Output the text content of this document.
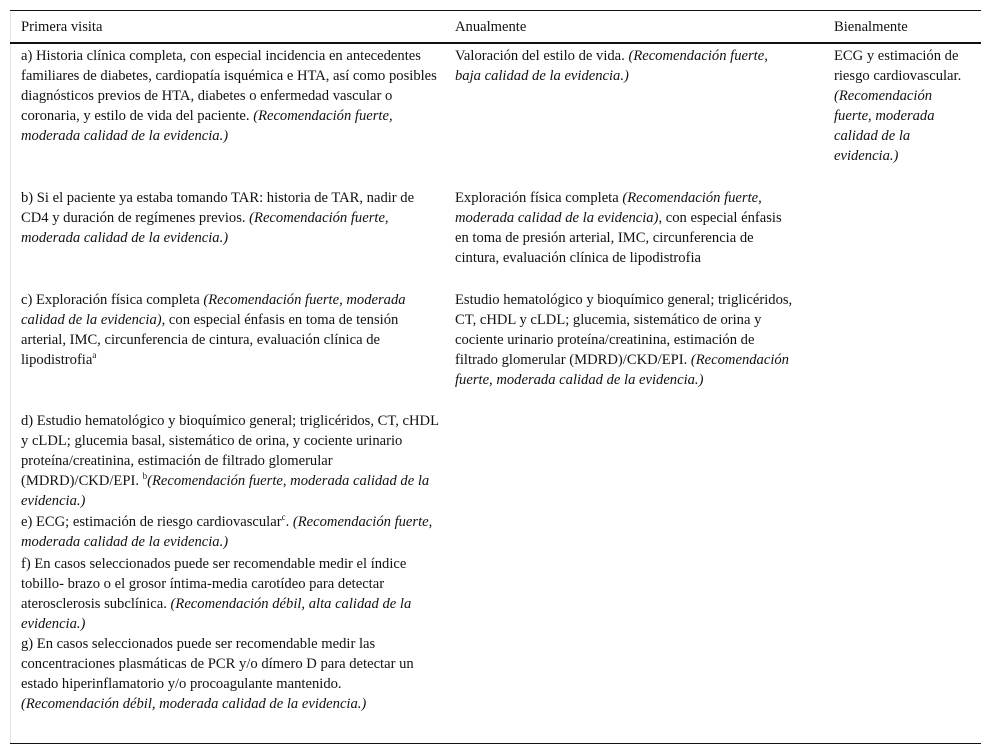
Primera visita	Anualmente	Bienalmente
a) Historia clínica completa, con especial incidencia en antecedentes familiares de diabetes, cardiopatía isquémica e HTA, así como posibles diagnósticos previos de HTA, diabetes o enfermedad vascular o coronaria, y estilo de vida del paciente. (Recomendación fuerte, moderada calidad de la evidencia.)
b) Si el paciente ya estaba tomando TAR: historia de TAR, nadir de CD4 y duración de regímenes previos. (Recomendación fuerte, moderada calidad de la evidencia.)
c) Exploración física completa (Recomendación fuerte, moderada calidad de la evidencia), con especial énfasis en toma de tensión arterial, IMC, circunferencia de cintura, evaluación clínica de lipodistrofia$^a$
d) Estudio hematológico y bioquímico general; triglicéridos, CT, cHDL y cLDL; glucemia basal, sistemático de orina, y cociente urinario proteína/creatinina, estimación de filtrado glomerular (MDRD)/CKD/EPI. $^b$(Recomendación fuerte, moderada calidad de la evidencia.)
e) ECG; estimación de riesgo cardiovascular$^c$. (Recomendación fuerte, moderada calidad de la evidencia.)
f) En casos seleccionados puede ser recomendable medir el índice tobillo- brazo o el grosor íntima-media carotídeo para detectar aterosclerosis subclínica. (Recomendación débil, alta calidad de la evidencia.)
g) En casos seleccionados puede ser recomendable medir las concentraciones plasmáticas de PCR y/o dímero D para detectar un estado hiperinflamatorio y/o procoagulante mantenido. (Recomendación débil, moderada calidad de la evidencia.)
Valoración del estilo de vida. (Recomendación fuerte, baja calidad de la evidencia.)
Exploración física completa (Recomendación fuerte, moderada calidad de la evidencia), con especial énfasis en toma de presión arterial, IMC, circunferencia de cintura, evaluación clínica de lipodistrofia
Estudio hematológico y bioquímico general; triglicéridos, CT, cHDL y cLDL; glucemia, sistemático de orina y cociente urinario proteína/creatinina, estimación de filtrado glomerular (MDRD)/CKD/EPI. (Recomendación fuerte, moderada calidad de la evidencia.)
ECG y estimación de riesgo cardiovascular. (Recomendación fuerte, moderada calidad de la evidencia.)
